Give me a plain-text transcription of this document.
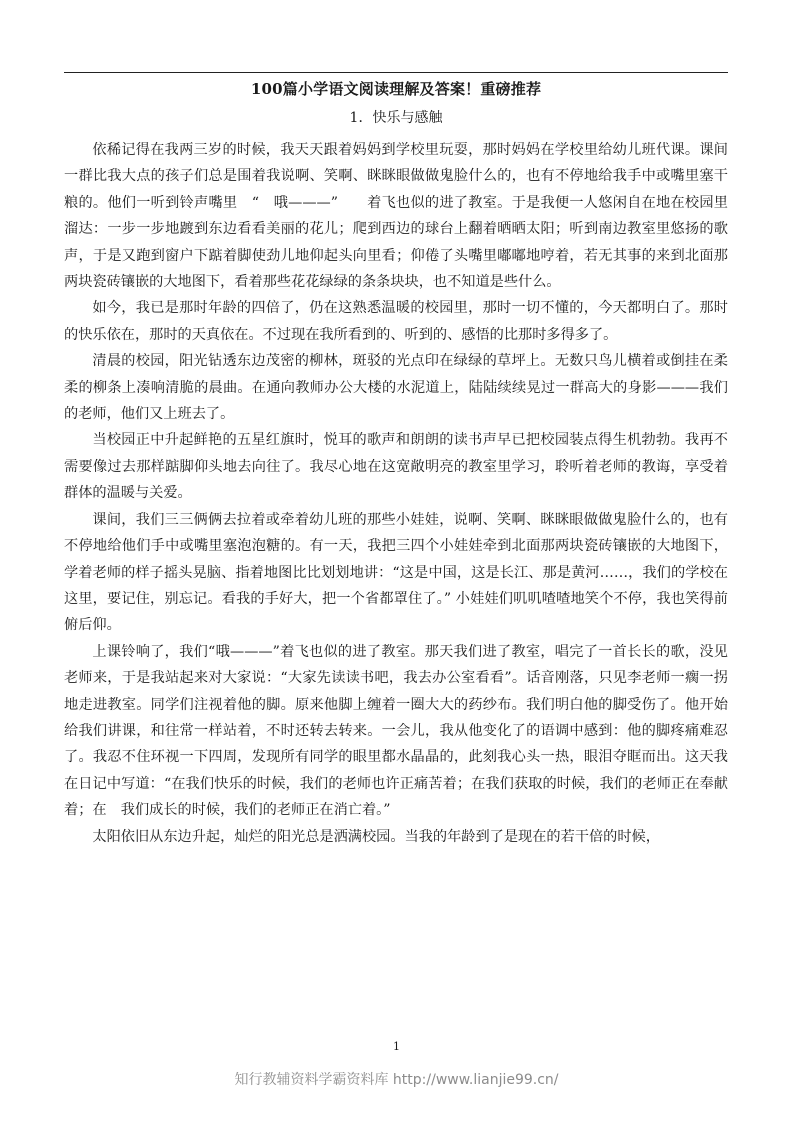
100篇小学语文阅读理解及答案！重磅推荐
1．快乐与感触

依稀记得在我两三岁的时候，我天天跟着妈妈到学校里玩耍，那时妈妈在学校里给幼儿班代课。课间一群比我大点的孩子们总是围着我说啊、笑啊、眯眯眼做做鬼脸什么的，也有不停地给我手中或嘴里塞干粮的。他们一听到铃声嘴里　“　哦———”　　着飞也似的进了教室。于是我便一人悠闲自在地在校园里溜达：一步一步地踱到东边看看美丽的花儿；爬到西边的球台上翻着晒晒太阳；听到南边教室里悠扬的歌声，于是又跑到窗户下踮着脚使劲儿地仰起头向里看；仰倦了头嘴里嘟嘟地哼着，若无其事的来到北面那两块瓷砖镶嵌的大地图下，看着那些花花绿绿的条条块块，也不知道是些什么。

如今，我已是那时年龄的四倍了，仍在这熟悉温暖的校园里，那时一切不懂的，今天都明白了。那时的快乐依在，那时的天真依在。不过现在我所看到的、听到的、感悟的比那时多得多了。

清晨的校园，阳光钻透东边茂密的柳林，斑驳的光点印在绿绿的草坪上。无数只鸟儿横着或倒挂在柔柔的柳条上凑响清脆的晨曲。在通向教师办公大楼的水泥道上，陆陆续续晃过一群高大的身影———我们的老师，他们又上班去了。

当校园正中升起鲜艳的五星红旗时，悦耳的歌声和朗朗的读书声早已把校园装点得生机勃勃。我再不需要像过去那样踮脚仰头地去向往了。我尽心地在这宽敞明亮的教室里学习，聆听着老师的教诲，享受着群体的温暖与关爱。

课间，我们三三俩俩去拉着或牵着幼儿班的那些小娃娃，说啊、笑啊、眯眯眼做做鬼脸什么的，也有不停地给他们手中或嘴里塞泡泡糖的。有一天，我把三四个小娃娃牵到北面那两块瓷砖镶嵌的大地图下，学着老师的样子摇头晃脑、指着地图比比划划地讲：“这是中国，这是长江、那是黄河……，我们的学校在这里，要记住，别忘记。看我的手好大，把一个省都罩住了。” 小娃娃们叽叽喳喳地笑个不停，我也笑得前俯后仰。

上课铃响了，我们“哦———”着飞也似的进了教室。那天我们进了教室，唱完了一首长长的歌，没见老师来，于是我站起来对大家说：“大家先读读书吧，我去办公室看看”。话音刚落，只见李老师一瘸一拐地走进教室。同学们注视着他的脚。原来他脚上缠着一圈大大的药纱布。我们明白他的脚受伤了。他开始给我们讲课，和往常一样站着，不时还转去转来。一会儿，我从他变化了的语调中感到：他的脚疼痛难忍了。我忍不住环视一下四周，发现所有同学的眼里都水晶晶的，此刻我心头一热，眼泪夺眶而出。这天我在日记中写道：“在我们快乐的时候，我们的老师也许正痛苦着；在我们获取的时候，我们的老师正在奉献着；在　我们成长的时候，我们的老师正在消亡着。”

太阳依旧从东边升起，灿烂的阳光总是洒满校园。当我的年龄到了是现在的若干倍的时候，

1
知行教辅资料学霸资料库 http://www.lianjie99.cn/
